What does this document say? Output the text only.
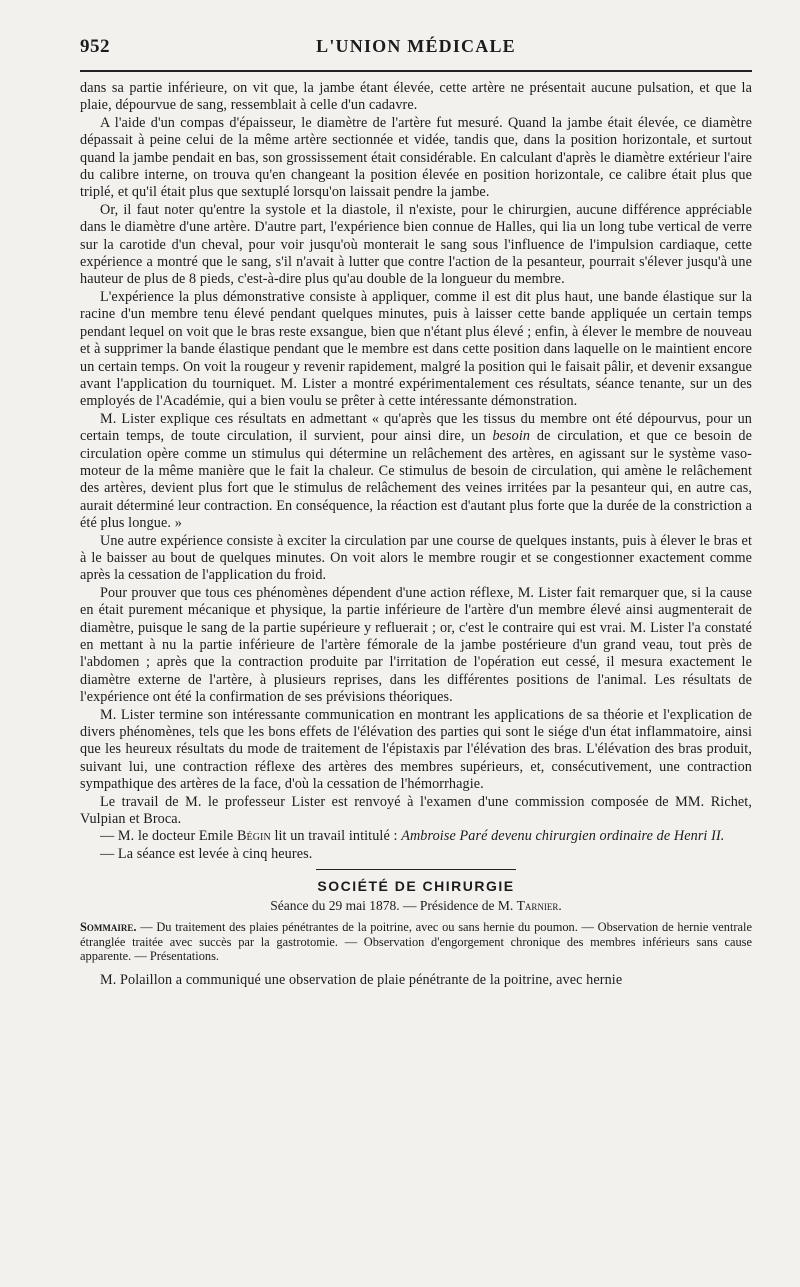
952	L'UNION MÉDICALE

dans sa partie inférieure, on vit que, la jambe étant élevée, cette artère ne présentait aucune pulsation, et que la plaie, dépourvue de sang, ressemblait à celle d'un cadavre.

A l'aide d'un compas d'épaisseur, le diamètre de l'artère fut mesuré. Quand la jambe était élevée, ce diamètre dépassait à peine celui de la même artère sectionnée et vidée, tandis que, dans la position horizontale, et surtout quand la jambe pendait en bas, son grossissement était considérable. En calculant d'après le diamètre extérieur l'aire du calibre interne, on trouva qu'en changeant la position élevée en position horizontale, ce calibre était plus que triplé, et qu'il était plus que sextuplé lorsqu'on laissait pendre la jambe.

Or, il faut noter qu'entre la systole et la diastole, il n'existe, pour le chirurgien, aucune différence appréciable dans le diamètre d'une artère. D'autre part, l'expérience bien connue de Halles, qui lia un long tube vertical de verre sur la carotide d'un cheval, pour voir jusqu'où monterait le sang sous l'influence de l'impulsion cardiaque, cette expérience a montré que le sang, s'il n'avait à lutter que contre l'action de la pesanteur, pourrait s'élever jusqu'à une hauteur de plus de 8 pieds, c'est-à-dire plus qu'au double de la longueur du membre.

L'expérience la plus démonstrative consiste à appliquer, comme il est dit plus haut, une bande élastique sur la racine d'un membre tenu élevé pendant quelques minutes, puis à laisser cette bande appliquée un certain temps pendant lequel on voit que le bras reste exsangue, bien que n'étant plus élevé ; enfin, à élever le membre de nouveau et à supprimer la bande élastique pendant que le membre est dans cette position dans laquelle on le maintient encore un certain temps. On voit la rougeur y revenir rapidement, malgré la position qui le faisait pâlir, et devenir exsangue avant l'application du tourniquet. M. Lister a montré expérimentalement ces résultats, séance tenante, sur un des employés de l'Académie, qui a bien voulu se prêter à cette intéressante démonstration.

M. Lister explique ces résultats en admettant « qu'après que les tissus du membre ont été dépourvus, pour un certain temps, de toute circulation, il survient, pour ainsi dire, un besoin de circulation, et que ce besoin de circulation opère comme un stimulus qui détermine un relâchement des artères, en agissant sur le système vaso-moteur de la même manière que le fait la chaleur. Ce stimulus de besoin de circulation, qui amène le relâchement des artères, devient plus fort que le stimulus de relâchement des veines irritées par la pesanteur qui, en autre cas, aurait déterminé leur contraction. En conséquence, la réaction est d'autant plus forte que la durée de la constriction a été plus longue. »

Une autre expérience consiste à exciter la circulation par une course de quelques instants, puis à élever le bras et à le baisser au bout de quelques minutes. On voit alors le membre rougir et se congestionner exactement comme après la cessation de l'application du froid.

Pour prouver que tous ces phénomènes dépendent d'une action réflexe, M. Lister fait remarquer que, si la cause en était purement mécanique et physique, la partie inférieure de l'artère d'un membre élevé ainsi augmenterait de diamètre, puisque le sang de la partie supérieure y refluerait ; or, c'est le contraire qui est vrai. M. Lister l'a constaté en mettant à nu la partie inférieure de l'artère fémorale de la jambe postérieure d'un grand veau, tout près de l'abdomen ; après que la contraction produite par l'irritation de l'opération eut cessé, il mesura exactement le diamètre externe de l'artère, à plusieurs reprises, dans les différentes positions de l'animal. Les résultats de l'expérience ont été la confirmation de ses prévisions théoriques.

M. Lister termine son intéressante communication en montrant les applications de sa théorie et l'explication de divers phénomènes, tels que les bons effets de l'élévation des parties qui sont le siége d'un état inflammatoire, ainsi que les heureux résultats du mode de traitement de l'épistaxis par l'élévation des bras. L'élévation des bras produit, suivant lui, une contraction réflexe des artères des membres supérieurs, et, consécutivement, une contraction sympathique des artères de la face, d'où la cessation de l'hémorrhagie.

Le travail de M. le professeur Lister est renvoyé à l'examen d'une commission composée de MM. Richet, Vulpian et Broca.

— M. le docteur Emile Bégin lit un travail intitulé : Ambroise Paré devenu chirurgien ordinaire de Henri II.

— La séance est levée à cinq heures.

SOCIÉTÉ DE CHIRURGIE
Séance du 29 mai 1878. — Présidence de M. Tarnier.
Sommaire. — Du traitement des plaies pénétrantes de la poitrine, avec ou sans hernie du poumon. — Observation de hernie ventrale étranglée traitée avec succès par la gastrotomie. — Observation d'engorgement chronique des membres inférieurs sans cause apparente. — Présentations.

M. Polaillon a communiqué une observation de plaie pénétrante de la poitrine, avec hernie
